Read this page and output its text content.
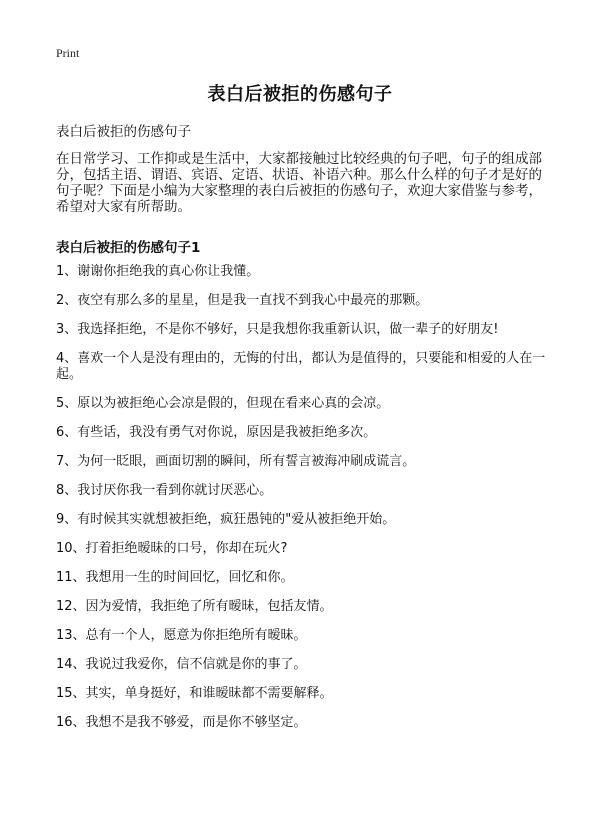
Print
表白后被拒的伤感句子

表白后被拒的伤感句子

在日常学习、工作抑或是生活中，大家都接触过比较经典的句子吧，句子的组成部分，包括主语、谓语、宾语、定语、状语、补语六种。那么什么样的句子才是好的句子呢？下面是小编为大家整理的表白后被拒的伤感句子，欢迎大家借鉴与参考，希望对大家有所帮助。

表白后被拒的伤感句子1
1、谢谢你拒绝我的真心你让我懂。
2、夜空有那么多的星星，但是我一直找不到我心中最亮的那颗。
3、我选择拒绝，不是你不够好，只是我想你我重新认识，做一辈子的好朋友!
4、喜欢一个人是没有理由的，无悔的付出，都认为是值得的，只要能和相爱的人在一起。
5、原以为被拒绝心会凉是假的，但现在看来心真的会凉。
6、有些话，我没有勇气对你说，原因是我被拒绝多次。
7、为何一眨眼，画面切割的瞬间，所有誓言被海冲刷成谎言。
8、我讨厌你我一看到你就讨厌恶心。
9、有时候其实就想被拒绝，疯狂愚钝的"爱从被拒绝开始。
10、打着拒绝暧昧的口号，你却在玩火?
11、我想用一生的时间回忆，回忆和你。
12、因为爱情，我拒绝了所有暧昧，包括友情。
13、总有一个人，愿意为你拒绝所有暧昧。
14、我说过我爱你，信不信就是你的事了。
15、其实，单身挺好，和谁暧昧都不需要解释。
16、我想不是我不够爱，而是你不够坚定。
